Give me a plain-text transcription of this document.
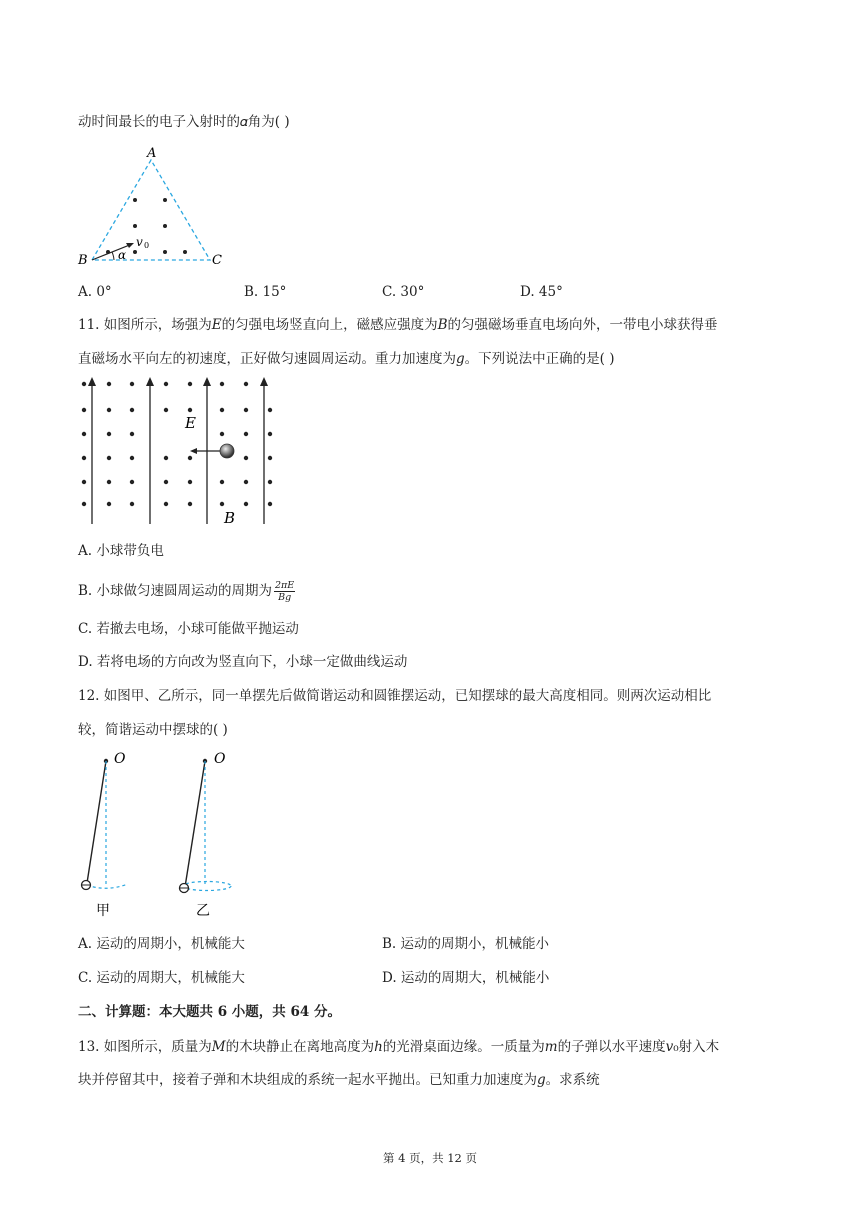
动时间最长的电子入射时的𝛼角为( )
A
B	C
v 0
α
A. 0°	B. 15°	C. 30°	D. 45°
11. 如图所示，场强为𝐸的匀强电场竖直向上，磁感应强度为𝐵的匀强磁场垂直电场向外，一带电小球获得垂
直磁场水平向左的初速度，正好做匀速圆周运动。重力加速度为𝑔。下列说法中正确的是( )
E
B
A. 小球带负电
B. 小球做匀速圆周运动的周期为 2𝜋𝐸
𝐵𝑔
C. 若撤去电场，小球可能做平抛运动
D. 若将电场的方向改为竖直向下，小球一定做曲线运动
12. 如图甲、乙所示，同一单摆先后做简谐运动和圆锥摆运动，已知摆球的最大高度相同。则两次运动相比
较，简谐运动中摆球的( )
O	O
甲	乙
A. 运动的周期小，机械能大	B. 运动的周期小，机械能小
C. 运动的周期大，机械能大	D. 运动的周期大，机械能小
二、计算题：本大题共 6 小题，共 64 分。
13. 如图所示，质量为𝑀的木块静止在离地高度为ℎ的光滑桌面边缘。一质量为𝑚的子弹以水平速度𝑣₀射入木
块并停留其中，接着子弹和木块组成的系统一起水平抛出。已知重力加速度为𝑔。求系统
第 4 页，共 12 页
